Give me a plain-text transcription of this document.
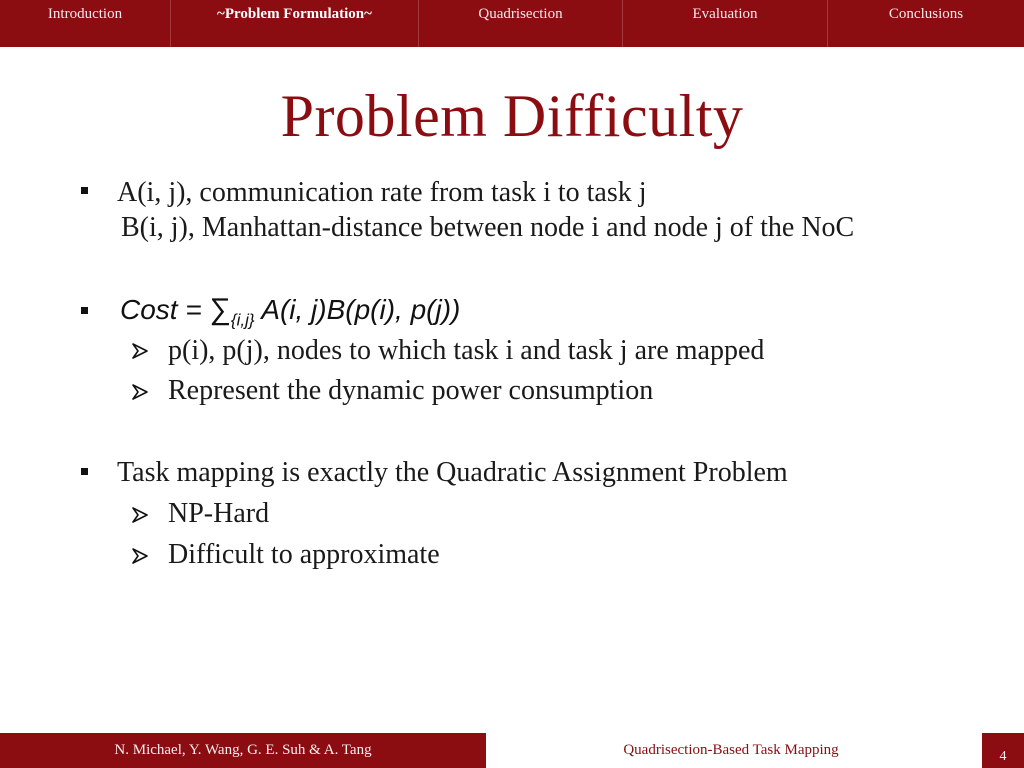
Introduction	~Problem Formulation~	Quadrisection	Evaluation	Conclusions
Problem Difficulty
A(i, j), communication rate from task i to task j
B(i, j), Manhattan-distance between node i and node j of the NoC
Cost = $\sum_{\{i,j\}}$ A(i, j)B(p(i), p(j))
p(i), p(j), nodes to which task i and task j are mapped
Represent the dynamic power consumption
Task mapping is exactly the Quadratic Assignment Problem
NP-Hard
Difficult to approximate
N. Michael, Y. Wang, G. E. Suh & A. Tang	Quadrisection-Based Task Mapping	4
